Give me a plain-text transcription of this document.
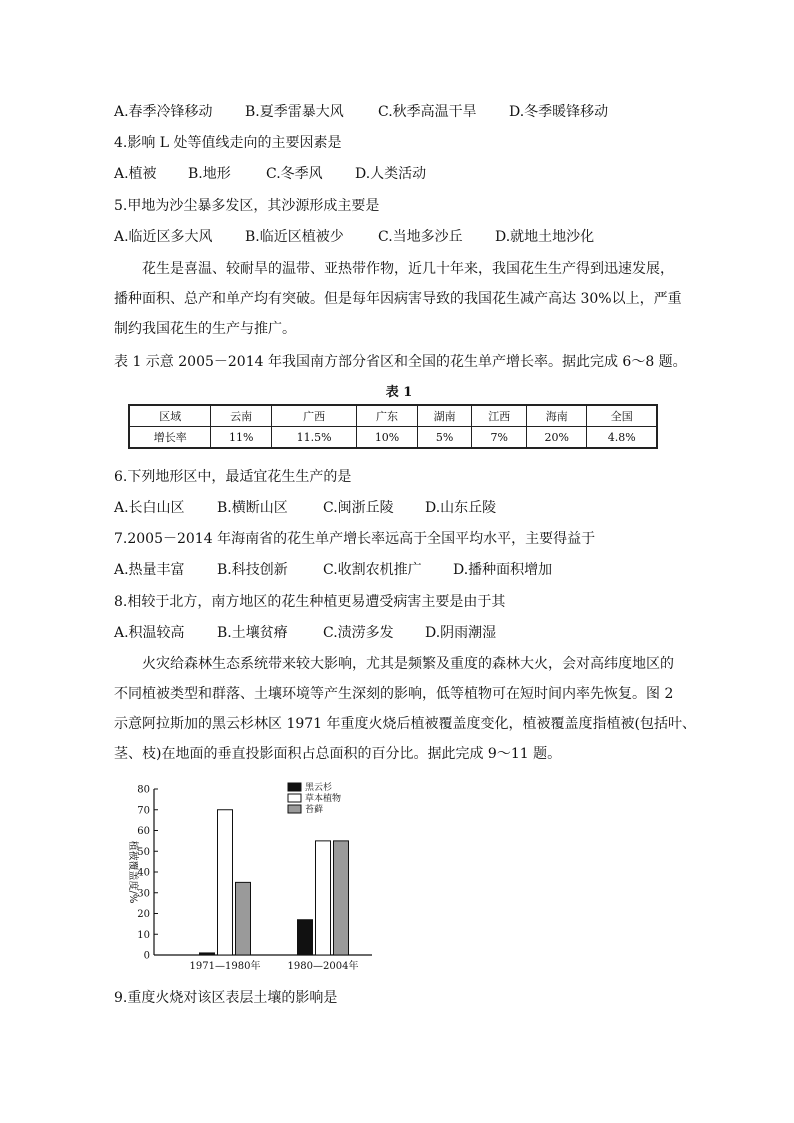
A.春季冷锋移动 B.夏季雷暴大风 C.秋季高温干旱 D.冬季暖锋移动
4.影响 L 处等值线走向的主要因素是
A.植被 B.地形	C.冬季风 D.人类活动
5.甲地为沙尘暴多发区，其沙源形成主要是
A.临近区多大风 B.临近区植被少 C.当地多沙丘 D.就地土地沙化
花生是喜温、较耐旱的温带、亚热带作物，近几十年来，我国花生生产得到迅速发展，
播种面积、总产和单产均有突破。但是每年因病害导致的我国花生减产高达 30%以上，严重
制约我国花生的生产与推广。
表 1 示意 2005－2014 年我国南方部分省区和全国的花生单产增长率。据此完成 6～8 题。
表 1
区域	云南	广西	广东	湖南	江西	海南	全国
增长率	11%	11.5%	10%	5%	7%	20%	4.8%
6.下列地形区中，最适宜花生生产的是
A.长白山区 B.横断山区	C.闽浙丘陵 D.山东丘陵
7.2005－2014 年海南省的花生单产增长率远高于全国平均水平，主要得益于
A.热量丰富 B.科技创新	C.收割农机推广 D.播种面积增加
8.相较于北方，南方地区的花生种植更易遭受病害主要是由于其
A.积温较高 B.土壤贫瘠	C.渍涝多发 D.阴雨潮湿
火灾给森林生态系统带来较大影响，尤其是频繁及重度的森林大火，会对高纬度地区的
不同植被类型和群落、土壤环境等产生深刻的影响，低等植物可在短时间内率先恢复。图 2
示意阿拉斯加的黑云杉林区 1971 年重度火烧后植被覆盖度变化，植被覆盖度指植被(包括叶、
茎、枝)在地面的垂直投影面积占总面积的百分比。据此完成 9～11 题。
0
10
20
30
40
50
60
70
80
植被覆盖度/%
1971—1980年	1980—2004年
黑云杉
草本植物
苔藓
9.重度火烧对该区表层土壤的影响是
